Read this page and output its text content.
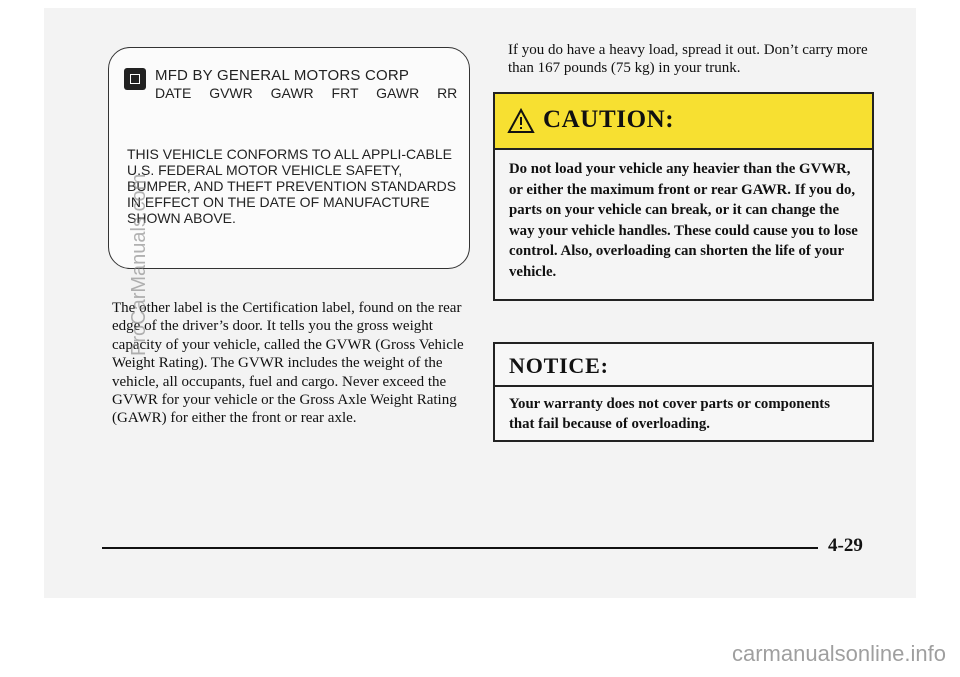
MFD BY GENERAL MOTORS CORP
DATE GVWR GAWR FRT GAWR RR
THIS VEHICLE CONFORMS TO ALL APPLI-CABLE U.S. FEDERAL MOTOR VEHICLE SAFETY, BUMPER, AND THEFT PREVENTION STANDARDS IN EFFECT ON THE DATE OF MANUFACTURE SHOWN ABOVE.
The other label is the Certification label, found on the rear edge of the driver’s door. It tells you the gross weight capacity of your vehicle, called the GVWR (Gross Vehicle Weight Rating). The GVWR includes the weight of the vehicle, all occupants, fuel and cargo. Never exceed the GVWR for your vehicle or the Gross Axle Weight Rating (GAWR) for either the front or rear axle.
If you do have a heavy load, spread it out. Don’t carry more than 167 pounds (75 kg) in your trunk.
CAUTION:
Do not load your vehicle any heavier than the GVWR, or either the maximum front or rear GAWR. If you do, parts on your vehicle can break, or it can change the way your vehicle handles. These could cause you to lose control. Also, overloading can shorten the life of your vehicle.
NOTICE:
Your warranty does not cover parts or components that fail because of overloading.
4-29
ProCarManuals.com
carmanualsonline.info
